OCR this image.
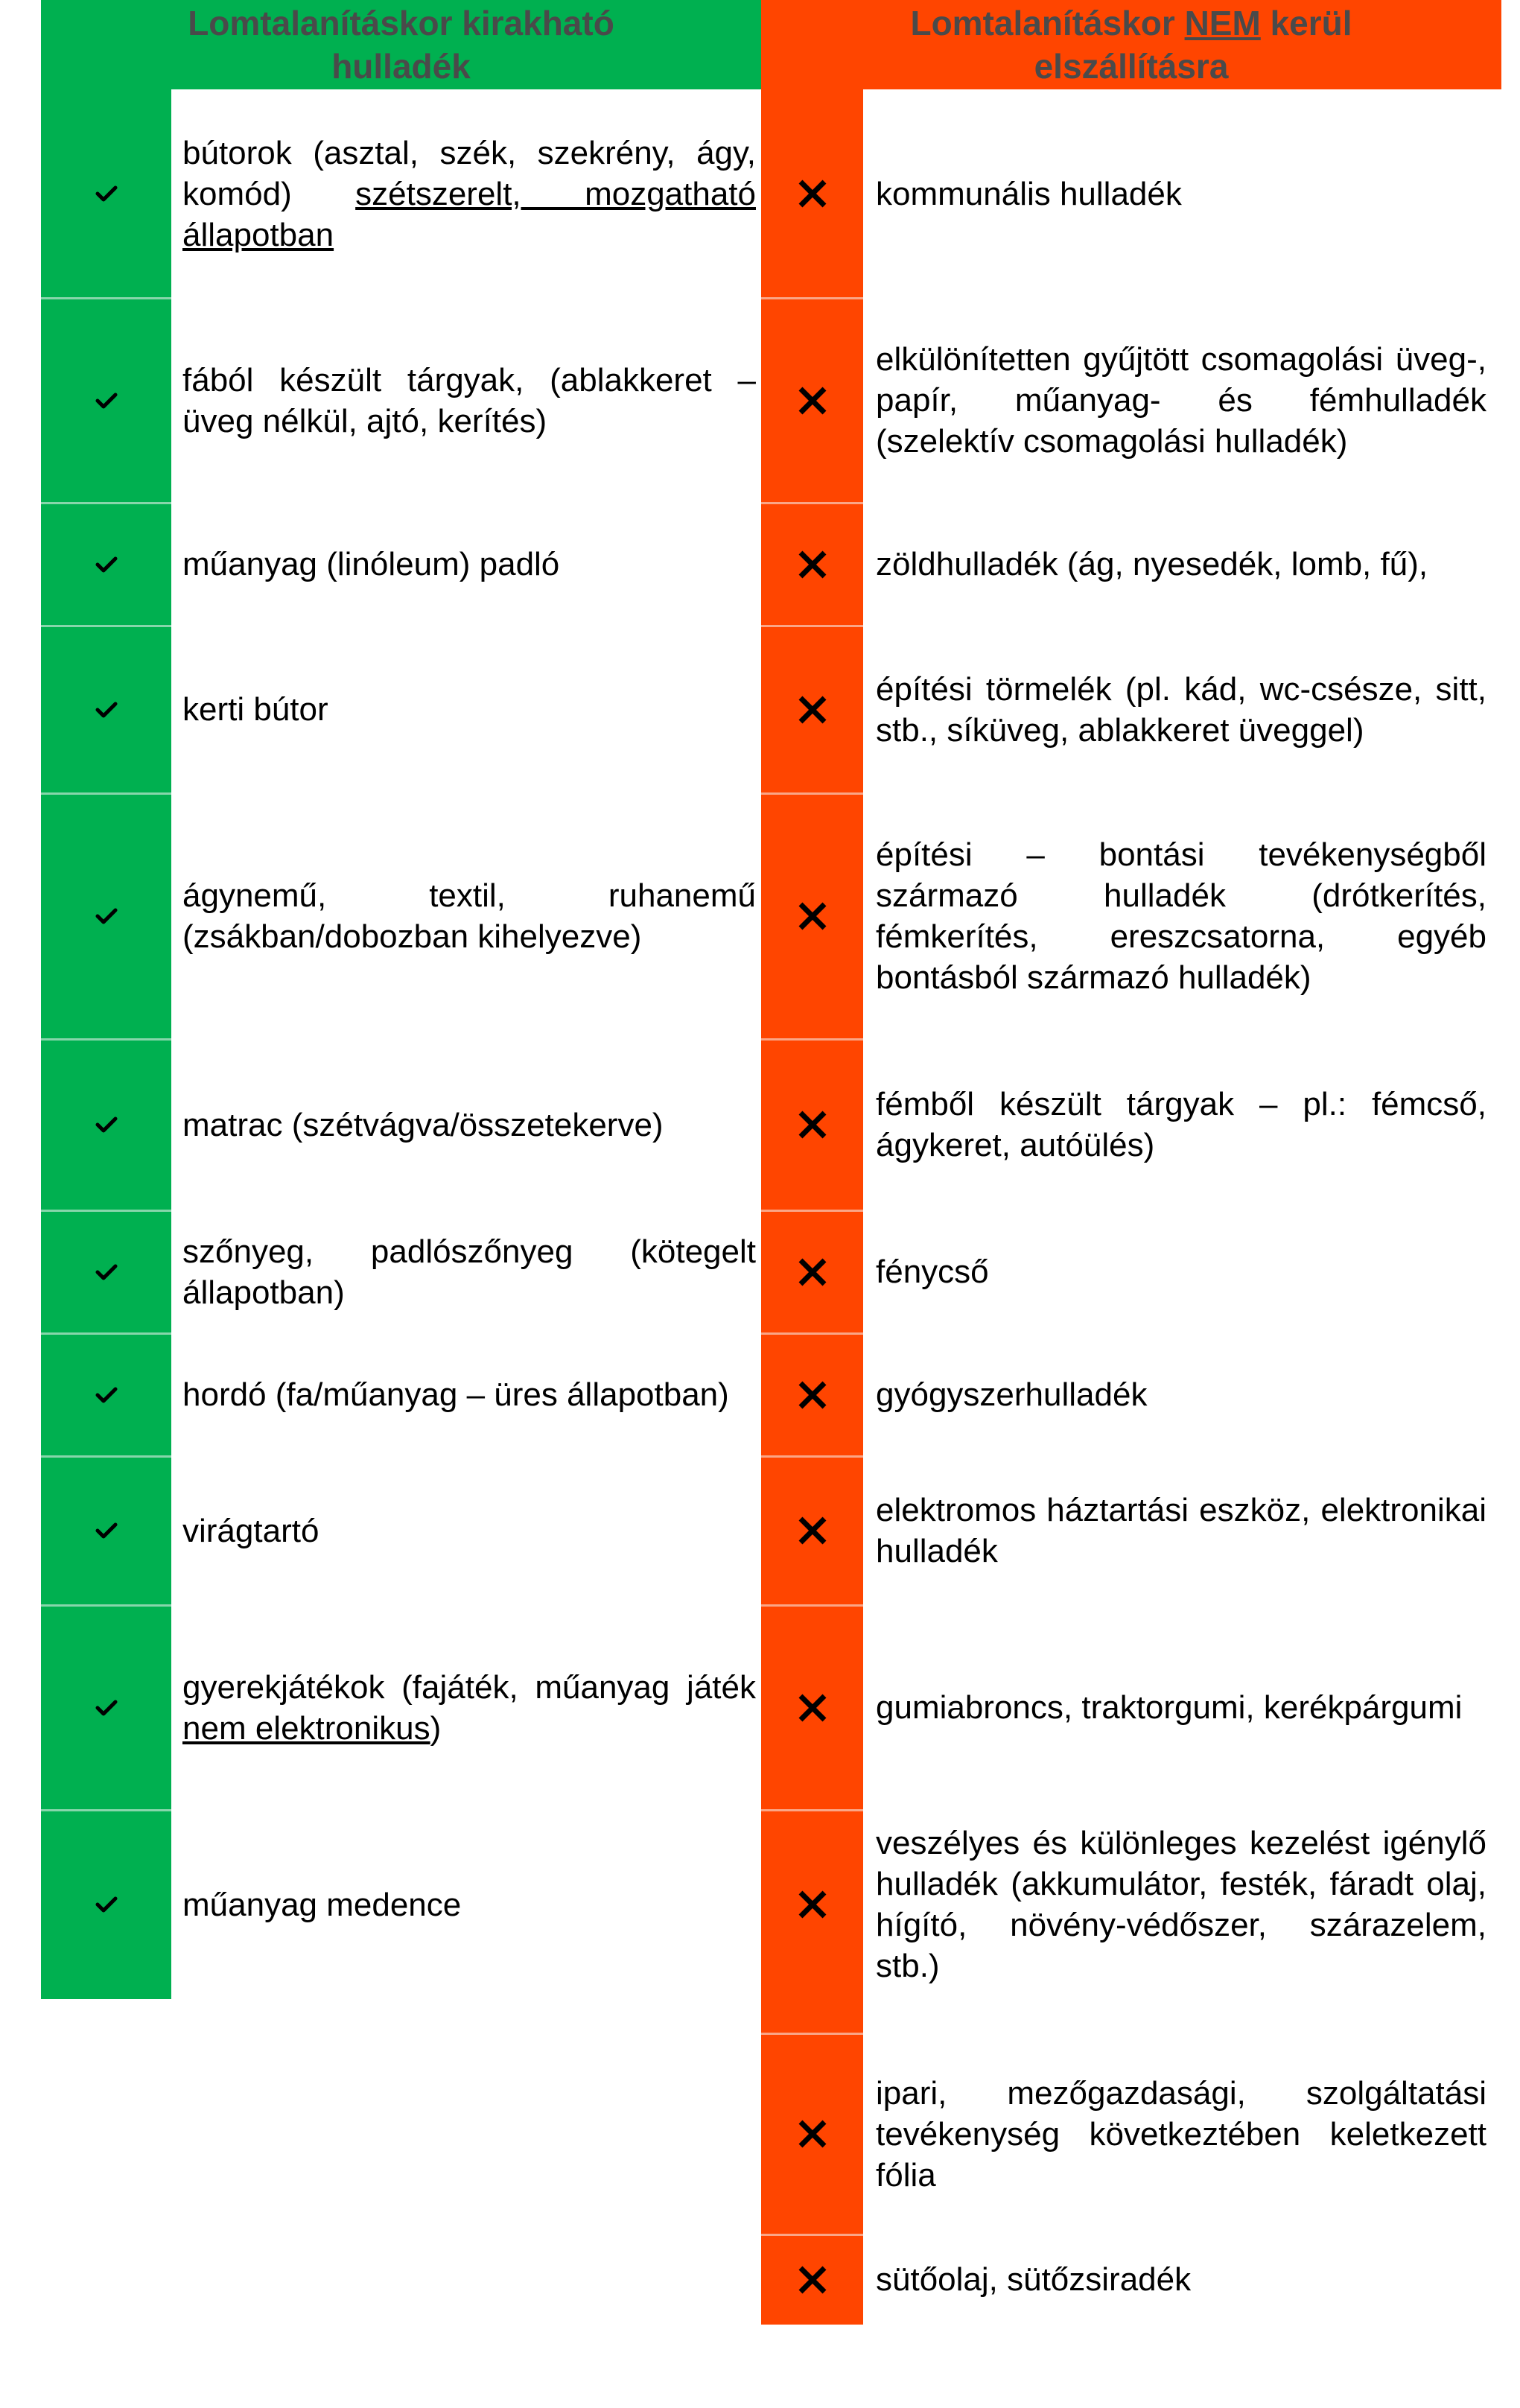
Lomtalanításkor kirakható
hulladék
Lomtalanításkor NEM kerül
elszállításra
bútorok (asztal, szék, szekrény, ágy, komód) szétszerelt, mozgatható állapotban
fából készült tárgyak, (ablakkeret – üveg nélkül, ajtó, kerítés)
műanyag (linóleum) padló
kerti bútor
ágynemű, textil, ruhanemű (zsákban/dobozban kihelyezve)
matrac (szétvágva/összetekerve)
szőnyeg, padlószőnyeg (kötegelt állapotban)
hordó (fa/műanyag – üres állapotban)
virágtartó
gyerekjátékok (fajáték, műanyag játék nem elektronikus)
műanyag medence
kommunális hulladék
elkülönítetten gyűjtött csomagolási üveg-, papír, műanyag- és fémhulladék (szelektív csomagolási hulladék)
zöldhulladék (ág, nyesedék, lomb, fű),
építési törmelék (pl. kád, wc-csésze, sitt, stb., síküveg, ablakkeret üveggel)
építési – bontási tevékenységből származó hulladék (drótkerítés, fémkerítés, ereszcsatorna, egyéb bontásból származó hulladék)
fémből készült tárgyak – pl.: fémcső, ágykeret, autóülés)
fénycső
gyógyszerhulladék
elektromos háztartási eszköz, elektronikai hulladék
gumiabroncs, traktorgumi, kerékpárgumi
veszélyes és különleges kezelést igénylő hulladék (akkumulátor, festék, fáradt olaj, hígító, növény-védőszer, szárazelem, stb.)
ipari, mezőgazdasági, szolgáltatási tevékenység következtében keletkezett fólia
sütőolaj, sütőzsiradék
